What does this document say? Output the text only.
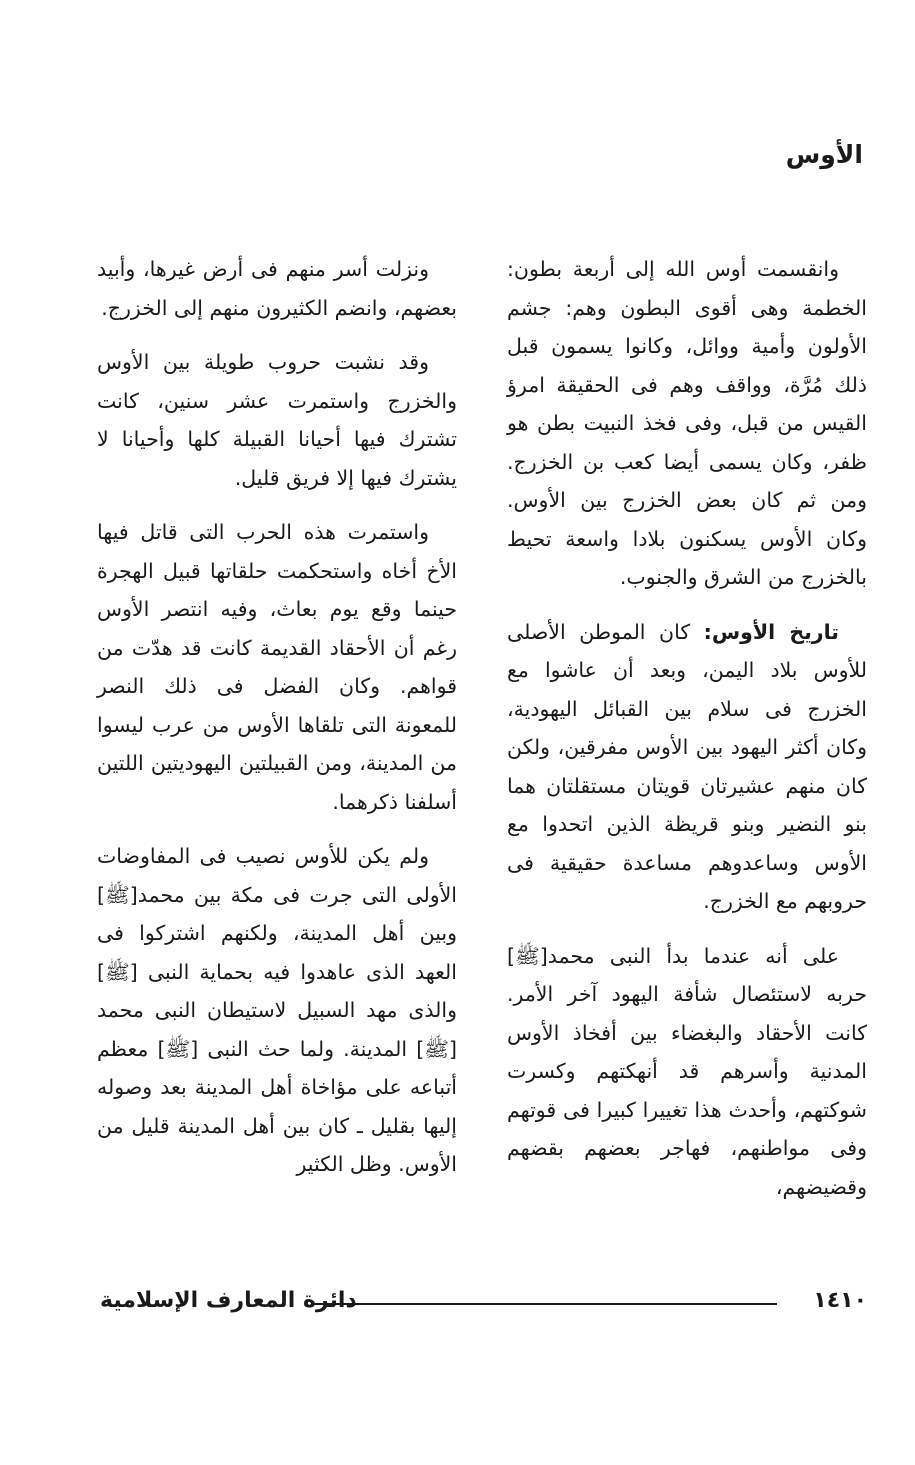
الأوس

وانقسمت أوس الله إلى أربعة بطون: الخطمة وهى أقوى البطون وهم: جشم الأولون وأمية ووائل، وكانوا يسمون قبل ذلك مُرَّة، وواقف وهم فى الحقيقة امرؤ القيس من قبل، وفى فخذ النبيت بطن هو ظفر، وكان يسمى أيضا كعب بن الخزرج. ومن ثم كان بعض الخزرج بين الأوس. وكان الأوس يسكنون بلادا واسعة تحيط بالخزرج من الشرق والجنوب.

تاريخ الأوس: كان الموطن الأصلى للأوس بلاد اليمن، وبعد أن عاشوا مع الخزرج فى سلام بين القبائل اليهودية، وكان أكثر اليهود بين الأوس مفرقين، ولكن كان منهم عشيرتان قويتان مستقلتان هما بنو النضير وبنو قريظة الذين اتحدوا مع الأوس وساعدوهم مساعدة حقيقية فى حروبهم مع الخزرج.

على أنه عندما بدأ النبى محمد[ﷺ] حربه لاستئصال شأفة اليهود آخر الأمر. كانت الأحقاد والبغضاء بين أفخاذ الأوس المدنية وأسرهم قد أنهكتهم وكسرت شوكتهم، وأحدث هذا تغييرا كبيرا فى قوتهم وفى مواطنهم، فهاجر بعضهم بقضهم وقضيضهم،

ونزلت أسر منهم فى أرض غيرها، وأبيد بعضهم، وانضم الكثيرون منهم إلى الخزرج.

وقد نشبت حروب طويلة بين الأوس والخزرج واستمرت عشر سنين، كانت تشترك فيها أحيانا القبيلة كلها وأحيانا لا يشترك فيها إلا فريق قليل.

واستمرت هذه الحرب التى قاتل فيها الأخ أخاه واستحكمت حلقاتها قبيل الهجرة حينما وقع يوم بعاث، وفيه انتصر الأوس رغم أن الأحقاد القديمة كانت قد هدّت من قواهم. وكان الفضل فى ذلك النصر للمعونة التى تلقاها الأوس من عرب ليسوا من المدينة، ومن القبيلتين اليهوديتين اللتين أسلفنا ذكرهما.

ولم يكن للأوس نصيب فى المفاوضات الأولى التى جرت فى مكة بين محمد[ﷺ] وبين أهل المدينة، ولكنهم اشتركوا فى العهد الذى عاهدوا فيه بحماية النبى [ﷺ] والذى مهد السبيل لاستيطان النبى محمد [ﷺ] المدينة. ولما حث النبى [ﷺ] معظم أتباعه على مؤاخاة أهل المدينة بعد وصوله إليها بقليل ـ كان بين أهل المدينة قليل من الأوس. وظل الكثير

١٤١٠
دائرة المعارف الإسلامية
